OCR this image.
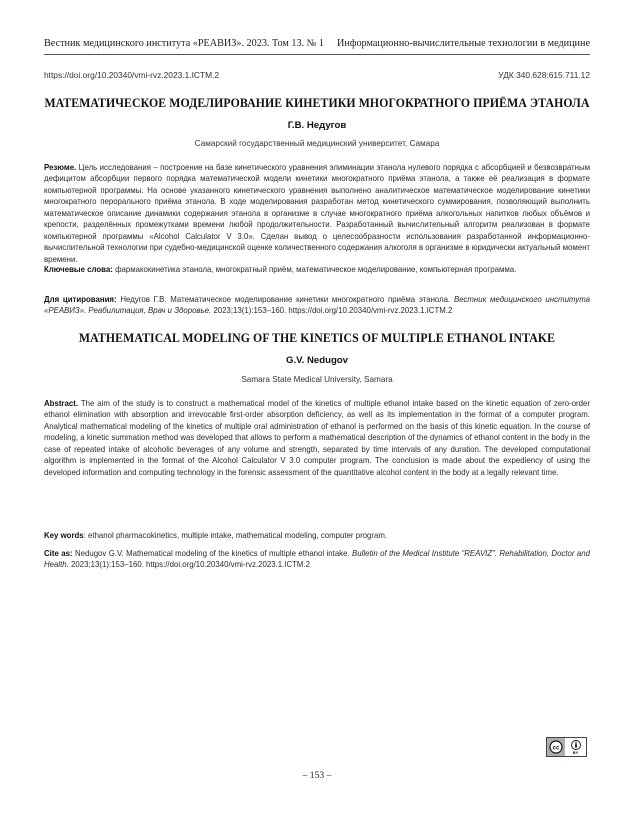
Вестник медицинского института «РЕАВИЗ». 2023. Том 13. № 1 Информационно-вычислительные технологии в медицине
https://doi.org/10.20340/vmi-rvz.2023.1.ICTM.2	УДК 340.628:615.711.12
МАТЕМАТИЧЕСКОЕ МОДЕЛИРОВАНИЕ КИНЕТИКИ МНОГОКРАТНОГО ПРИЁМА ЭТАНОЛА
Г.В. Недугов
Самарский государственный медицинский университет, Самара

Резюме. Цель исследования – построение на базе кинетического уравнения элиминации этанола нулевого порядка с абсорбцией и безвозвратным дефицитом абсорбции первого порядка математической модели кинетики многократного приёма этанола, а также её реализация в формате компьютерной программы. На основе указанного кинетического уравнения выполнено аналитическое математическое моделирование кинетики многократного перорального приёма этанола. В ходе моделирования разработан метод кинетического суммирования, позволяющий выполнить математическое описание динамики содержания этанола в организме в случае многократного приёма алкогольных напитков любых объёмов и крепости, разделённых промежутками времени любой продолжительности. Разработанный вычислительный алгоритм реализован в формате компьютерной программы «Alcohol Calculator V 3.0». Сделан вывод о целесообразности использования разработанной информационно-вычислительной технологии при судебно-медицинской оценке количественного содержания алкоголя в организме в юридически актуальный момент времени.

Ключевые слова: фармакокинетика этанола, многократный приём, математическое моделирование, компьютерная программа.

Для цитирования: Недугов Г.В. Математическое моделирование кинетики многократного приёма этанола. Вестник медицинского института «РЕАВИЗ». Реабилитация, Врач и Здоровье. 2023;13(1):153–160. https://doi.org/10.20340/vmi-rvz.2023.1.ICTM.2

MATHEMATICAL MODELING OF THE KINETICS OF MULTIPLE ETHANOL INTAKE
G.V. Nedugov
Samara State Medical University, Samara

Abstract. The aim of the study is to construct a mathematical model of the kinetics of multiple ethanol intake based on the kinetic equation of zero-order ethanol elimination with absorption and irrevocable first-order absorption deficiency, as well as its implementation in the format of a computer program. Analytical mathematical modeling of the kinetics of multiple oral administration of ethanol is performed on the basis of this kinetic equation. In the course of modeling, a kinetic summation method was developed that allows to perform a mathematical description of the dynamics of ethanol content in the body in the case of repeated intake of alcoholic beverages of any volume and strength, separated by time intervals of any duration. The developed computational algorithm is implemented in the format of the Alcohol Calculator V 3.0 computer program. The conclusion is made about the expediency of using the developed information and computing technology in the forensic assessment of the quantitative alcohol content in the body at a legally relevant time.

Key words: ethanol pharmacokinetics, multiple intake, mathematical modeling, computer program.

Cite as: Nedugov G.V. Mathematical modeling of the kinetics of multiple ethanol intake. Bulletin of the Medical Institute “REAVIZ”. Rehabilitation, Doctor and Health. 2023;13(1):153–160. https://doi.org/10.20340/vmi-rvz.2023.1.ICTM.2

cc
BY
– 153 –
